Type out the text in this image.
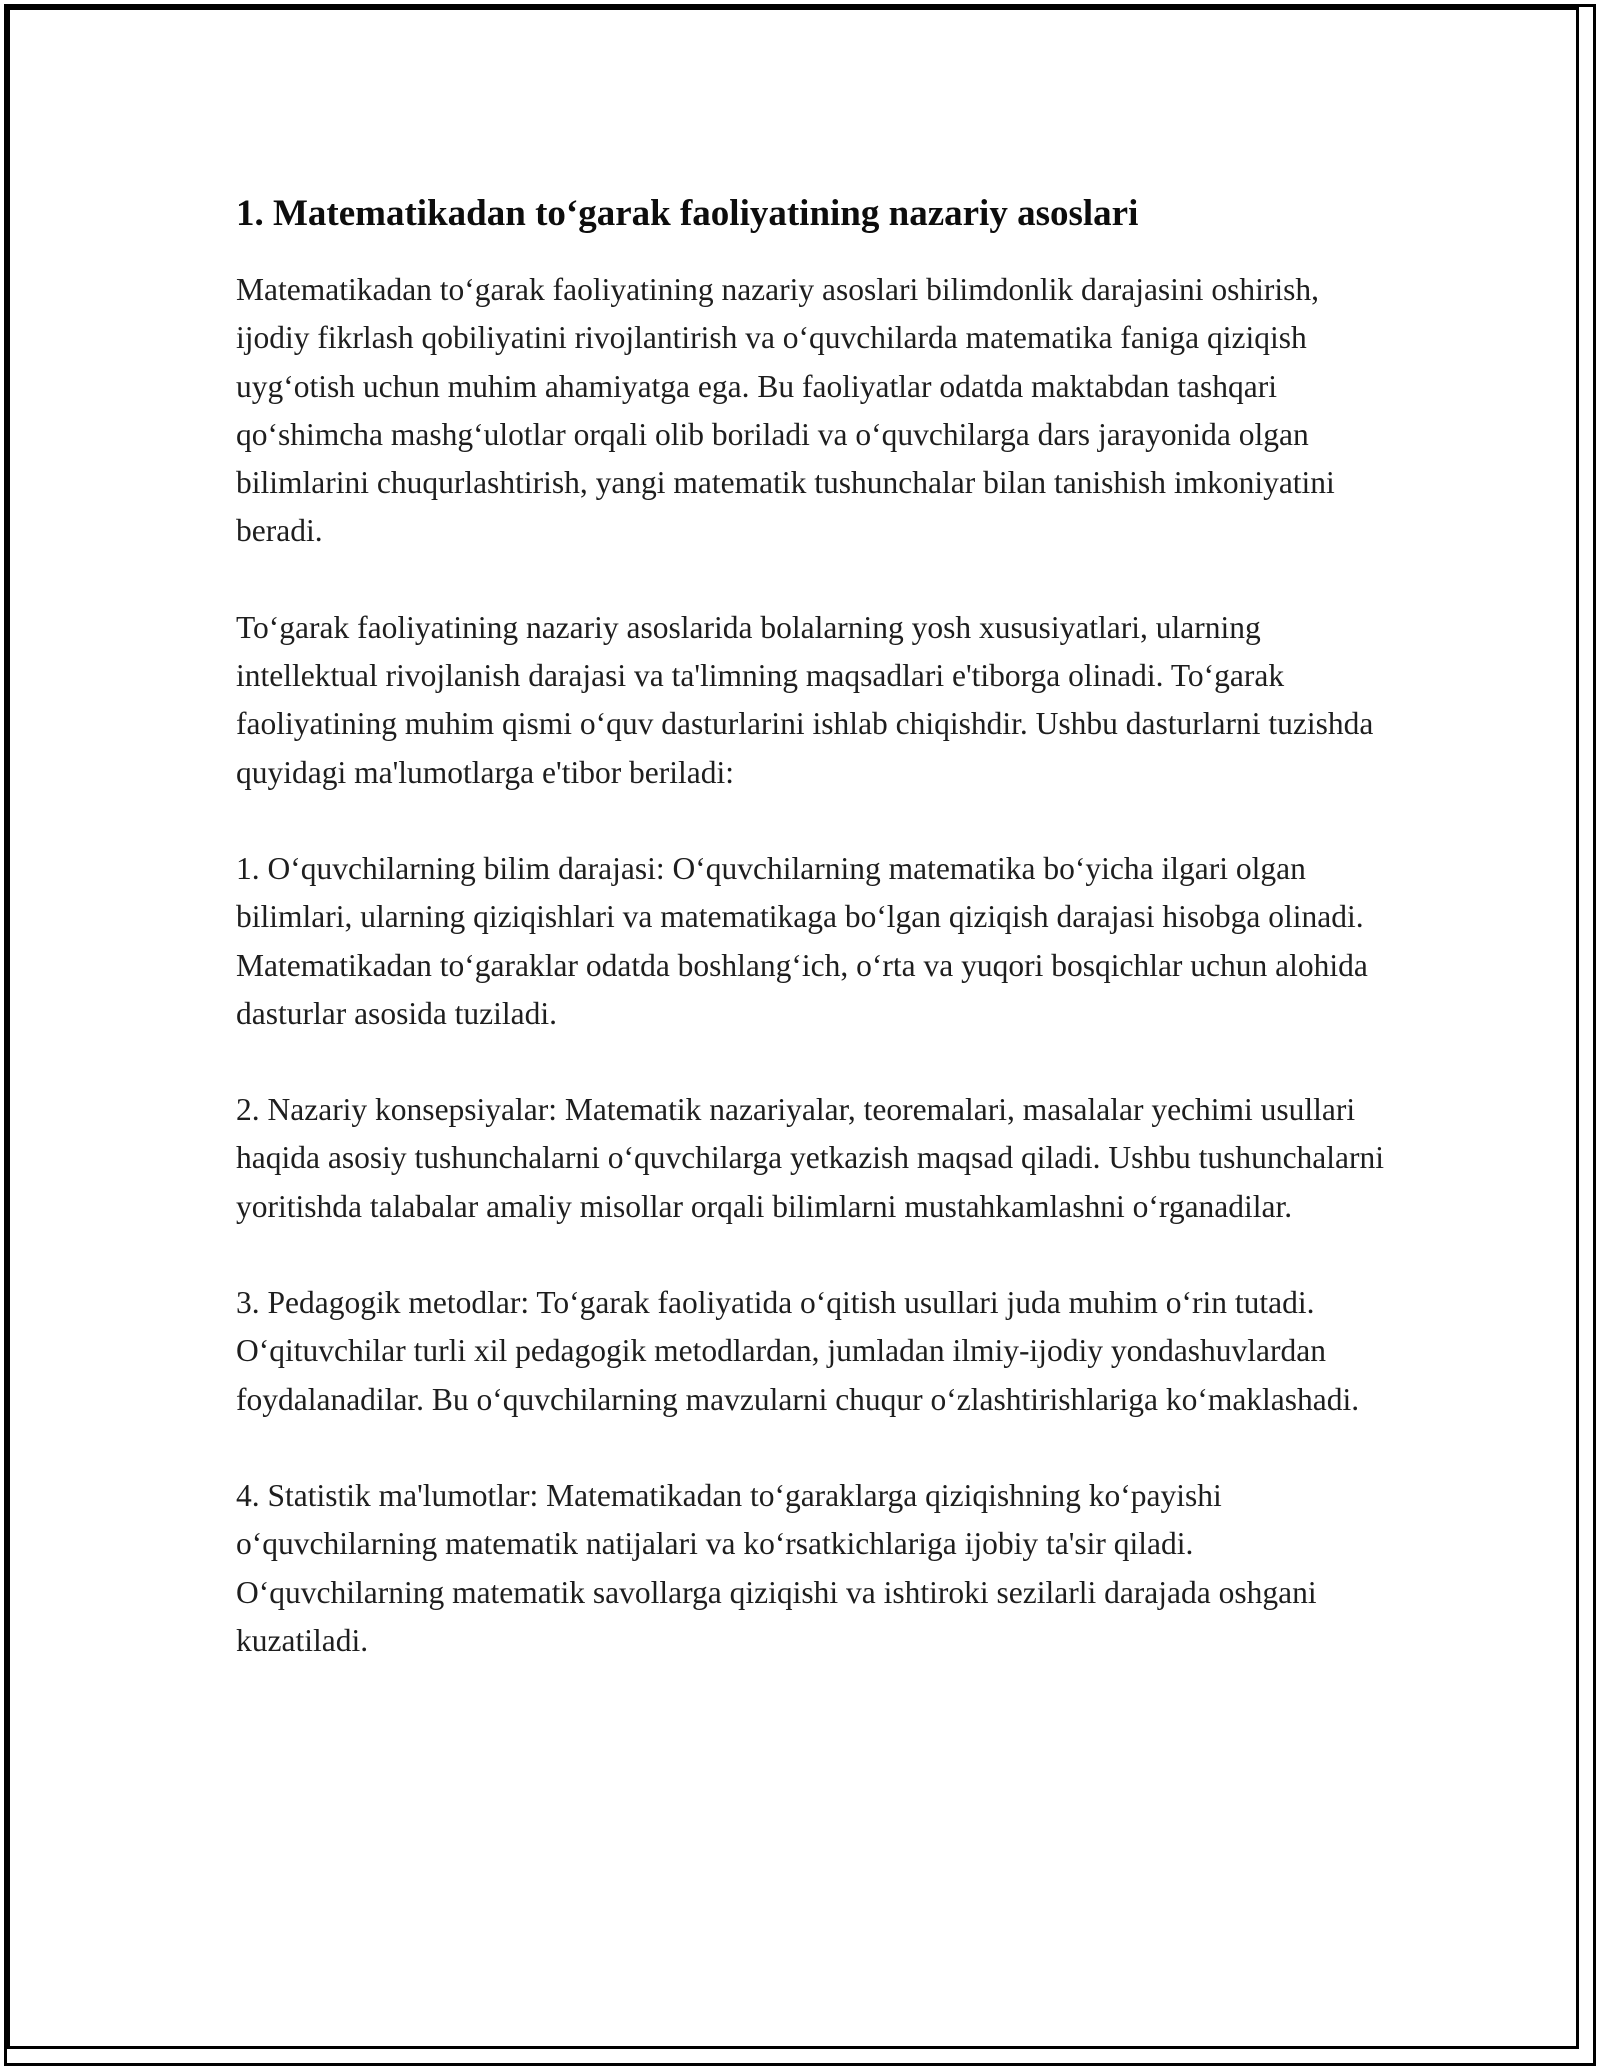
1. Matematikadan to‘garak faoliyatining nazariy asoslari

Matematikadan to‘garak faoliyatining nazariy asoslari bilimdonlik darajasini oshirish, ijodiy fikrlash qobiliyatini rivojlantirish va o‘quvchilarda matematika faniga qiziqish uyg‘otish uchun muhim ahamiyatga ega. Bu faoliyatlar odatda maktabdan tashqari qo‘shimcha mashg‘ulotlar orqali olib boriladi va o‘quvchilarga dars jarayonida olgan bilimlarini chuqurlashtirish, yangi matematik tushunchalar bilan tanishish imkoniyatini beradi.

To‘garak faoliyatining nazariy asoslarida bolalarning yosh xususiyatlari, ularning intellektual rivojlanish darajasi va ta'limning maqsadlari e'tiborga olinadi. To‘garak faoliyatining muhim qismi o‘quv dasturlarini ishlab chiqishdir. Ushbu dasturlarni tuzishda quyidagi ma'lumotlarga e'tibor beriladi:

1. O‘quvchilarning bilim darajasi: O‘quvchilarning matematika bo‘yicha ilgari olgan bilimlari, ularning qiziqishlari va matematikaga bo‘lgan qiziqish darajasi hisobga olinadi. Matematikadan to‘garaklar odatda boshlang‘ich, o‘rta va yuqori bosqichlar uchun alohida dasturlar asosida tuziladi.

2. Nazariy konsepsiyalar: Matematik nazariyalar, teoremalari, masalalar yechimi usullari haqida asosiy tushunchalarni o‘quvchilarga yetkazish maqsad qiladi. Ushbu tushunchalarni yoritishda talabalar amaliy misollar orqali bilimlarni mustahkamlashni o‘rganadilar.

3. Pedagogik metodlar: To‘garak faoliyatida o‘qitish usullari juda muhim o‘rin tutadi. O‘qituvchilar turli xil pedagogik metodlardan, jumladan ilmiy-ijodiy yondashuvlardan foydalanadilar. Bu o‘quvchilarning mavzularni chuqur o‘zlashtirishlariga ko‘maklashadi.

4. Statistik ma'lumotlar: Matematikadan to‘garaklarga qiziqishning ko‘payishi o‘quvchilarning matematik natijalari va ko‘rsatkichlariga ijobiy ta'sir qiladi. O‘quvchilarning matematik savollarga qiziqishi va ishtiroki sezilarli darajada oshgani kuzatiladi.
